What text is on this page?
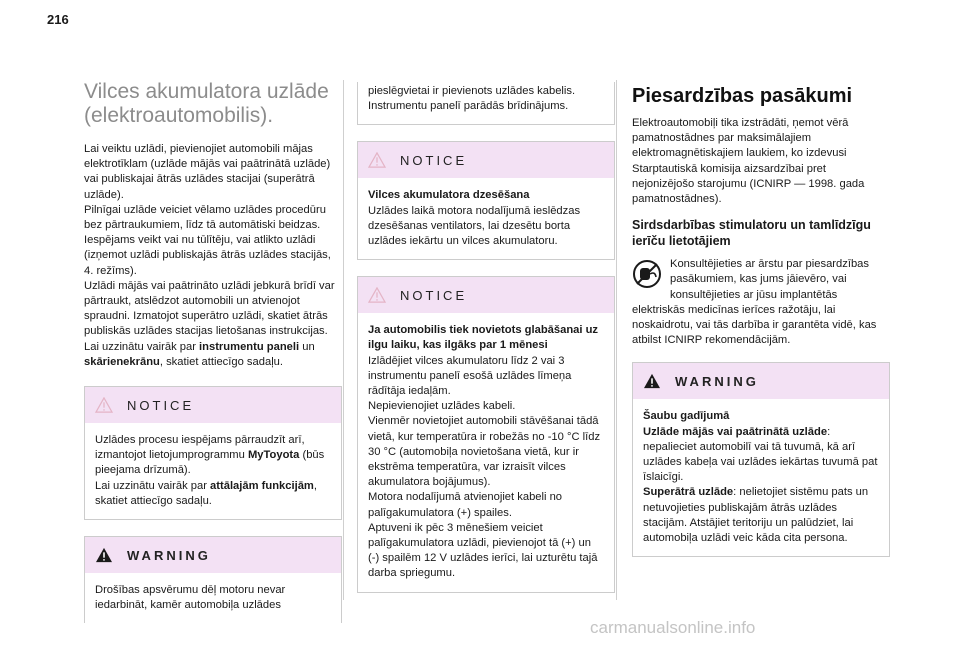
216
Vilces akumulatora uzlāde
(elektroautomobilis).
Lai veiktu uzlādi, pievienojiet automobili mājas elektrotīklam (uzlāde mājās vai paātrinātā uzlāde) vai publiskajai ātrās uzlādes stacijai (superātrā uzlāde).
Pilnīgai uzlāde veiciet vēlamo uzlādes procedūru bez pārtraukumiem, līdz tā automātiski beidzas.
Iespējams veikt vai nu tūlītēju, vai atlikto uzlādi (izņemot uzlādi publiskajās ātrās uzlādes stacijās, 4. režīms).
Uzlādi mājās vai paātrināto uzlādi jebkurā brīdī var pārtraukt, atslēdzot automobili un atvienojot spraudni. Izmatojot superātro uzlādi, skatiet ātrās publiskās uzlādes stacijas lietošanas instrukcijas.
Lai uzzinātu vairāk par instrumentu paneli un skārienekrānu, skatiet attiecīgo sadaļu.
NOTICE
Uzlādes procesu iespējams pārraudzīt arī, izmantojot lietojumprogrammu MyToyota (būs pieejama drīzumā).
Lai uzzinātu vairāk par attālajām funkcijām, skatiet attiecīgo sadaļu.
WARNING
Drošības apsvērumu dēļ motoru nevar iedarbināt, kamēr automobiļa uzlādes
pieslēgvietai ir pievienots uzlādes kabelis. Instrumentu panelī parādās brīdinājums.
NOTICE
Vilces akumulatora dzesēšana
Uzlādes laikā motora nodalījumā ieslēdzas dzesēšanas ventilators, lai dzesētu borta uzlādes iekārtu un vilces akumulatoru.
NOTICE
Ja automobilis tiek novietots glabāšanai uz ilgu laiku, kas ilgāks par 1 mēnesi
Izlādējiet vilces akumulatoru līdz 2 vai 3 instrumentu panelī esošā uzlādes līmeņa rādītāja iedaļām.
Nepievienojiet uzlādes kabeli.
Vienmēr novietojiet automobili stāvēšanai tādā vietā, kur temperatūra ir robežās no -10 °C līdz 30 °C (automobiļa novietošana vietā, kur ir ekstrēma temperatūra, var izraisīt vilces akumulatora bojājumus).
Motora nodalījumā atvienojiet kabeli no palīgakumulatora (+) spailes.
Aptuveni ik pēc 3 mēnešiem veiciet palīgakumulatora uzlādi, pievienojot tā (+) un (-) spailēm 12 V uzlādes ierīci, lai uzturētu tajā darba spriegumu.
Piesardzības pasākumi
Elektroautomobiļi tika izstrādāti, ņemot vērā pamatnostādnes par maksimālajiem elektromagnētiskajiem laukiem, ko izdevusi Starptautiskā komisija aizsardzībai pret nejonizējošo starojumu (ICNIRP — 1998. gada pamatnostādnes).
Sirdsdarbības stimulatoru un tamlīdzīgu ierīču lietotājiem
Konsultējieties ar ārstu par piesardzības pasākumiem, kas jums jāievēro, vai konsultējieties ar jūsu implantētās elektriskās medicīnas ierīces ražotāju, lai noskaidrotu, vai tās darbība ir garantēta vidē, kas atbilst ICNIRP rekomendācijām.
WARNING
Šaubu gadījumā
Uzlāde mājās vai paātrinātā uzlāde: nepalieciet automobilī vai tā tuvumā, kā arī uzlādes kabeļa vai uzlādes iekārtas tuvumā pat īslaicīgi.
Superātrā uzlāde: nelietojiet sistēmu pats un netuvojieties publiskajām ātrās uzlādes stacijām. Atstājiet teritoriju un palūdziet, lai automobiļa uzlādi veic kāda cita persona.
carmanualsonline.info
